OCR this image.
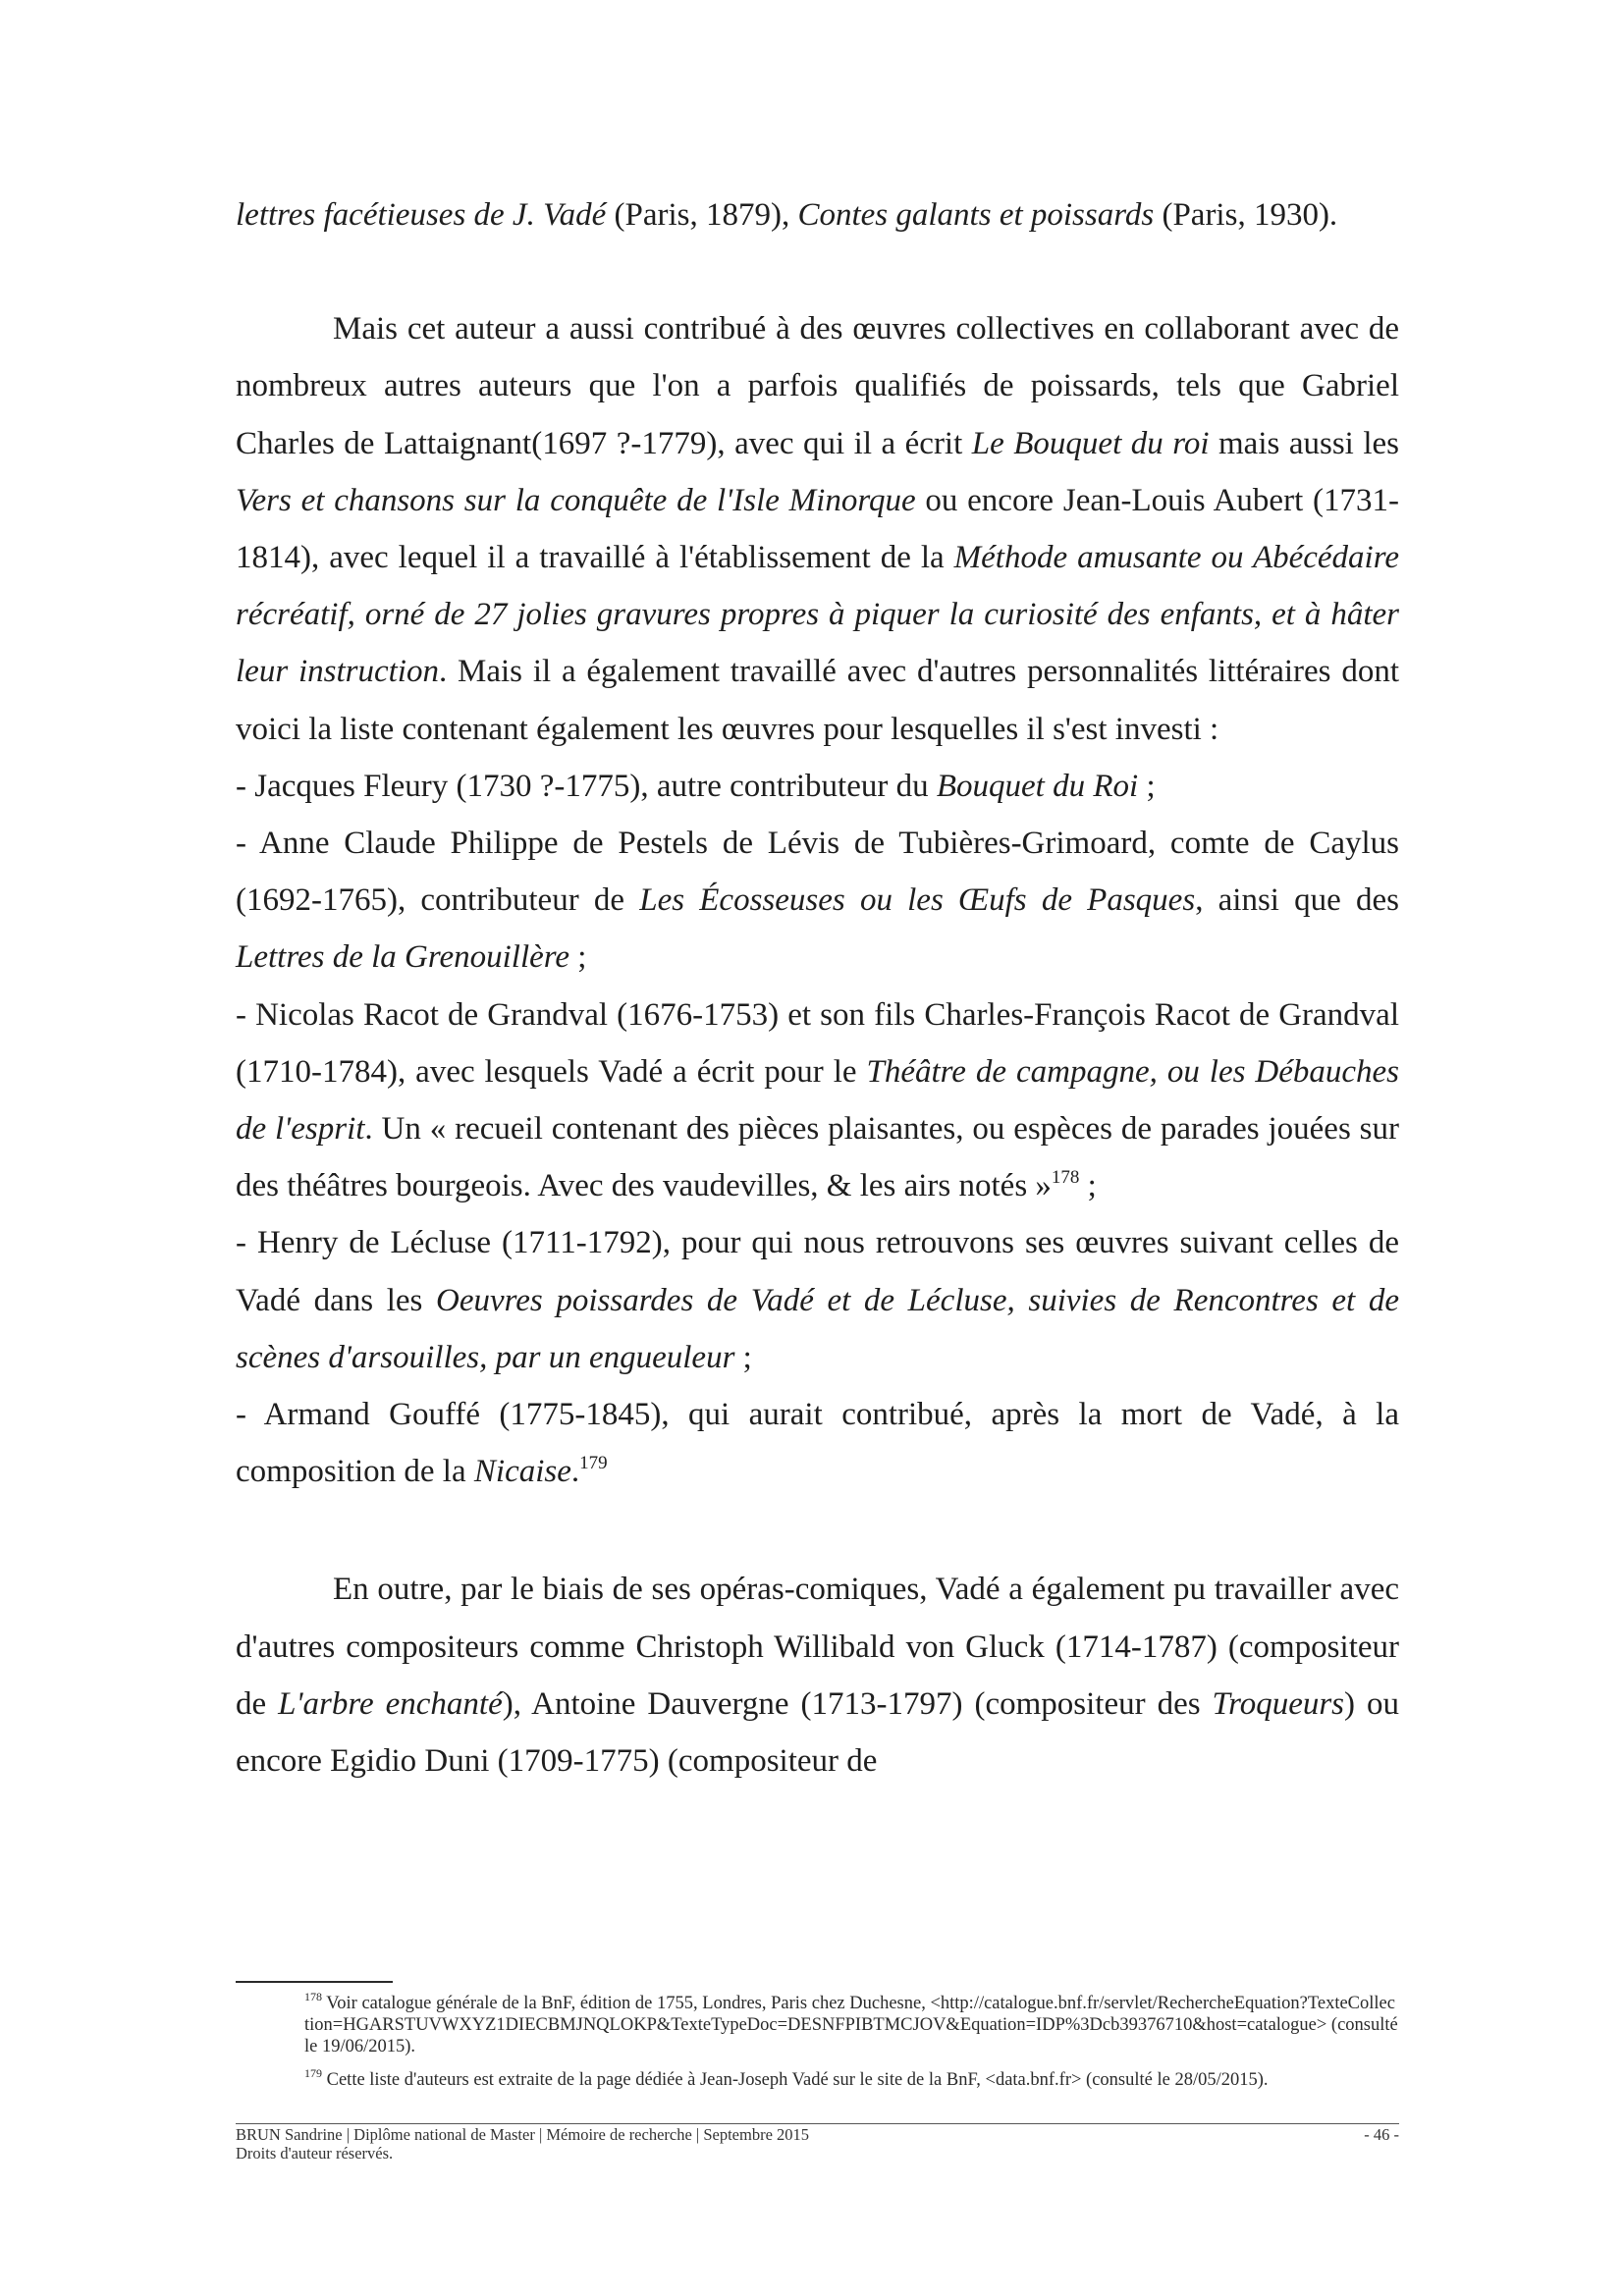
lettres facétieuses de J. Vadé (Paris, 1879), Contes galants et poissards (Paris, 1930).

Mais cet auteur a aussi contribué à des œuvres collectives en collaborant avec de nombreux autres auteurs que l'on a parfois qualifiés de poissards, tels que Gabriel Charles de Lattaignant(1697 ?-1779), avec qui il a écrit Le Bouquet du roi mais aussi les Vers et chansons sur la conquête de l'Isle Minorque ou encore Jean-Louis Aubert (1731-1814), avec lequel il a travaillé à l'établissement de la Méthode amusante ou Abécédaire récréatif, orné de 27 jolies gravures propres à piquer la curiosité des enfants, et à hâter leur instruction. Mais il a également travaillé avec d'autres personnalités littéraires dont voici la liste contenant également les œuvres pour lesquelles il s'est investi :

- Jacques Fleury (1730 ?-1775), autre contributeur du Bouquet du Roi ;

- Anne Claude Philippe de Pestels de Lévis de Tubières-Grimoard, comte de Caylus (1692-1765), contributeur de Les Écosseuses ou les Œufs de Pasques, ainsi que des Lettres de la Grenouillère ;

- Nicolas Racot de Grandval (1676-1753) et son fils Charles-François Racot de Grandval (1710-1784), avec lesquels Vadé a écrit pour le Théâtre de campagne, ou les Débauches de l'esprit. Un « recueil contenant des pièces plaisantes, ou espèces de parades jouées sur des théâtres bourgeois. Avec des vaudevilles, & les airs notés »$^{178}$ ;

- Henry de Lécluse (1711-1792), pour qui nous retrouvons ses œuvres suivant celles de Vadé dans les Oeuvres poissardes de Vadé et de Lécluse, suivies de Rencontres et de scènes d'arsouilles, par un engueuleur ;

- Armand Gouffé (1775-1845), qui aurait contribué, après la mort de Vadé, à la composition de la Nicaise.$^{179}$

En outre, par le biais de ses opéras-comiques, Vadé a également pu travailler avec d'autres compositeurs comme Christoph Willibald von Gluck (1714-1787) (compositeur de L'arbre enchanté), Antoine Dauvergne (1713-1797) (compositeur des Troqueurs) ou encore Egidio Duni (1709-1775) (compositeur de

$^{178}$ Voir catalogue générale de la BnF, édition de 1755, Londres, Paris chez Duchesne, <http://catalogue.bnf.fr/servlet/RechercheEquation?TexteCollection=HGARSTUVWXYZ1DIECBMJNQLOKP&TexteTypeDoc=DESNFPIBTMCJOV&Equation=IDP%3Dcb39376710&host=catalogue> (consulté le 19/06/2015).

$^{179}$ Cette liste d'auteurs est extraite de la page dédiée à Jean-Joseph Vadé sur le site de la BnF, <data.bnf.fr> (consulté le 28/05/2015).

BRUN Sandrine | Diplôme national de Master | Mémoire de recherche | Septembre 2015	- 46 -
Droits d'auteur réservés.
